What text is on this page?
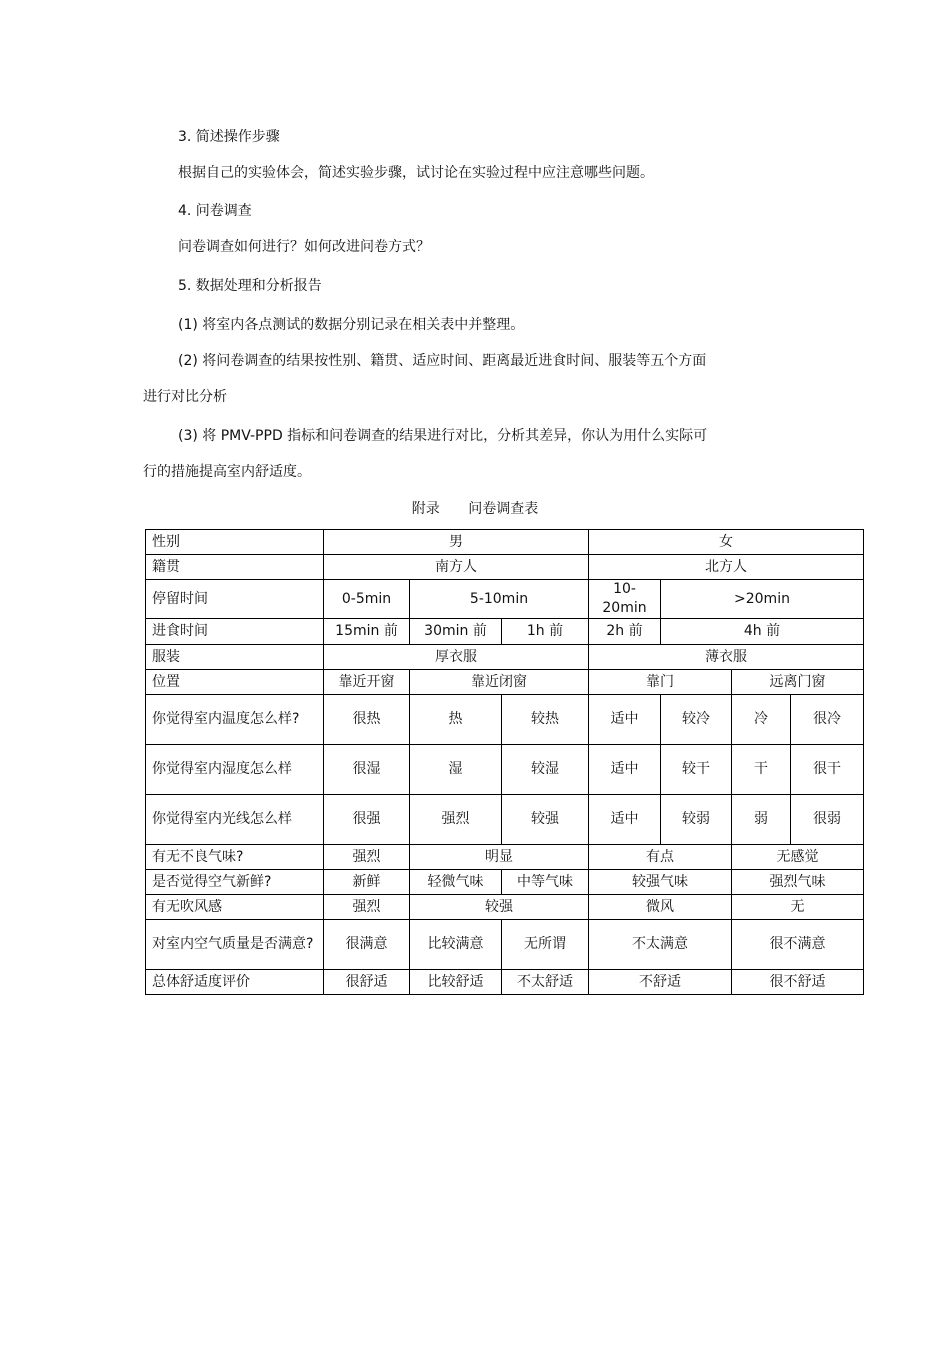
3. 简述操作步骤
根据自己的实验体会，简述实验步骤，试讨论在实验过程中应注意哪些问题。
4. 问卷调查
问卷调查如何进行？如何改进问卷方式？
5. 数据处理和分析报告
(1) 将室内各点测试的数据分别记录在相关表中并整理。
(2) 将问卷调查的结果按性别、籍贯、适应时间、距离最近进食时间、服装等五个方面
进行对比分析
(3) 将 PMV-PPD 指标和问卷调查的结果进行对比，分析其差异，你认为用什么实际可
行的措施提高室内舒适度。
附录 问卷调查表
性别	男			女			
籍贯	南方人			北方人			
停留时间	0-5min	5-10min		10-20min	>20min		
进食时间	15min 前	30min 前	1h 前	2h 前	4h 前		
服装	厚衣服			薄衣服			
位置	靠近开窗	靠近闭窗		靠门		远离门窗	
你觉得室内温度怎么样?	很热	热	较热	适中	较冷	冷	很冷
你觉得室内湿度怎么样	很湿	湿	较湿	适中	较干	干	很干
你觉得室内光线怎么样	很强	强烈	较强	适中	较弱	弱	很弱
有无不良气味?	强烈	明显		有点		无感觉	
是否觉得空气新鲜?	新鲜	轻微气味	中等气味	较强气味		强烈气味	
有无吹风感	强烈	较强		微风		无	
对室内空气质量是否满意?	很满意	比较满意	无所谓	不太满意		很不满意	
总体舒适度评价	很舒适	比较舒适	不太舒适	不舒适		很不舒适	
